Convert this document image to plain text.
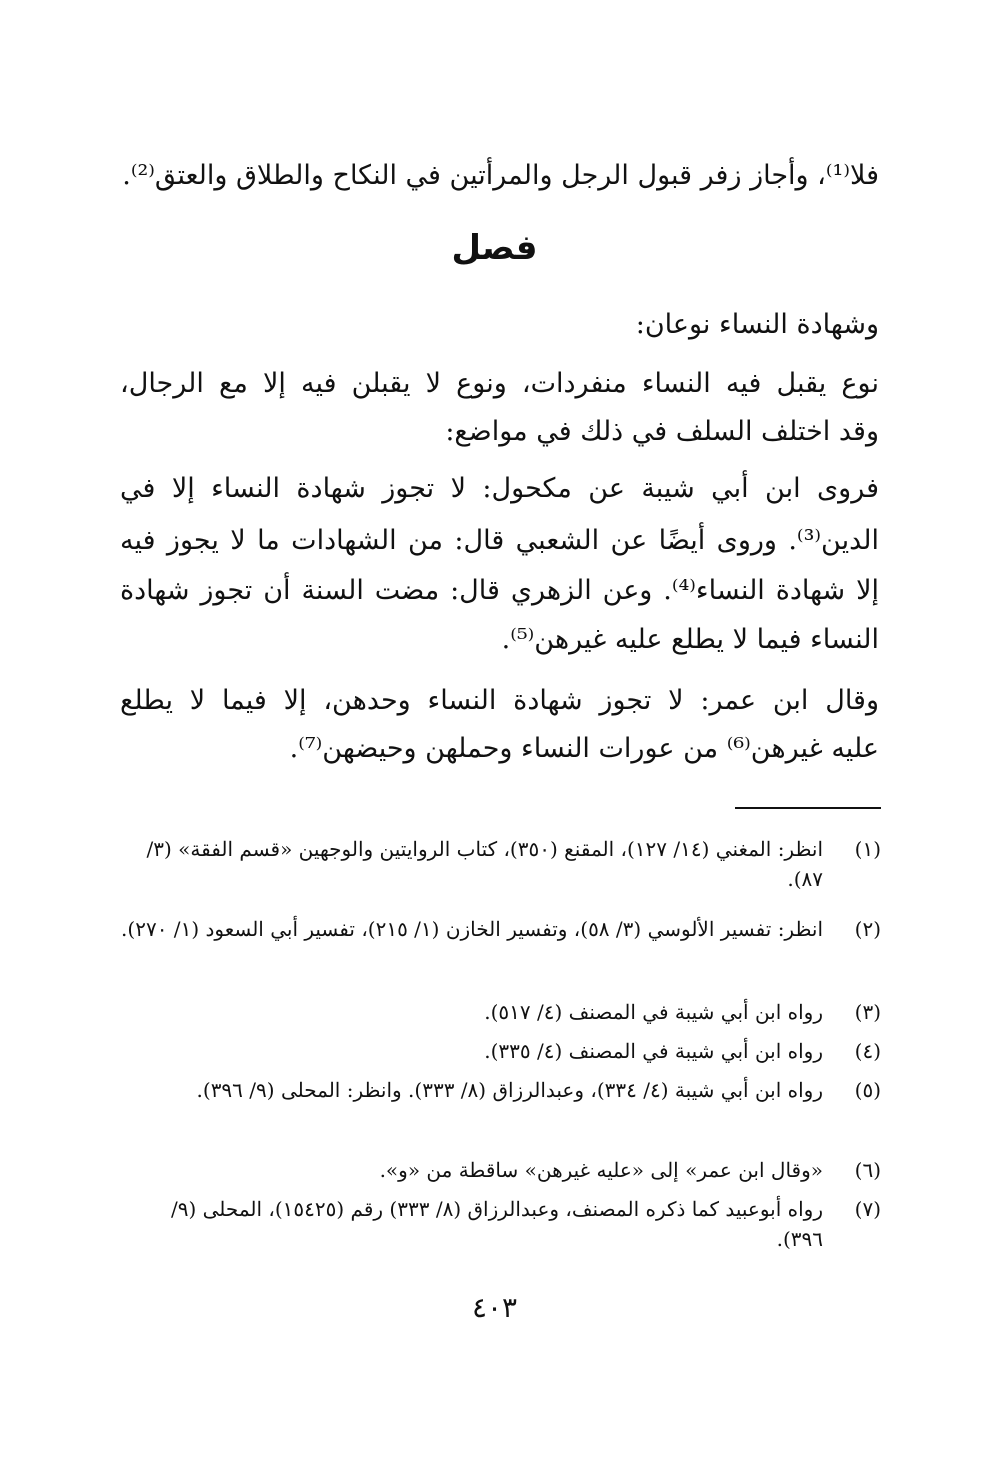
فلا⁽¹⁾، وأجاز زفر قبول الرجل والمرأتين في النكاح والطلاق والعتق⁽²⁾.
فصل
وشهادة النساء نوعان:
نوع يقبل فيه النساء منفردات، ونوع لا يقبلن فيه إلا مع الرجال،
وقد اختلف السلف في ذلك في مواضع:
فروى ابن أبي شيبة عن مكحول: لا تجوز شهادة النساء إلا في
الدين⁽³⁾. وروى أيضًا عن الشعبي قال: من الشهادات ما لا يجوز فيه
إلا شهادة النساء⁽⁴⁾. وعن الزهري قال: مضت السنة أن تجوز شهادة
النساء فيما لا يطلع عليه غيرهن⁽⁵⁾.
وقال ابن عمر: لا تجوز شهادة النساء وحدهن، إلا فيما لا يطلع
عليه غيرهن⁽⁶⁾ من عورات النساء وحملهن وحيضهن⁽⁷⁾.
(١)
انظر: المغني (١٤/ ١٢٧)، المقنع (٣٥٠)، كتاب الروايتين والوجهين «قسم الفقة» (٣/ ٨٧).
(٢)
انظر: تفسير الألوسي (٣/ ٥٨)، وتفسير الخازن (١/ ٢١٥)، تفسير أبي السعود (١/ ٢٧٠).
(٣)
رواه ابن أبي شيبة في المصنف (٤/ ٥١٧).
(٤)
رواه ابن أبي شيبة في المصنف (٤/ ٣٣٥).
(٥)
رواه ابن أبي شيبة (٤/ ٣٣٤)، وعبدالرزاق (٨/ ٣٣٣). وانظر: المحلى (٩/ ٣٩٦).
(٦)
«وقال ابن عمر» إلى «عليه غيرهن» ساقطة من «و».
(٧)
رواه أبوعبيد كما ذكره المصنف، وعبدالرزاق (٨/ ٣٣٣) رقم (١٥٤٢٥)، المحلى (٩/ ٣٩٦).
٤٠٣
